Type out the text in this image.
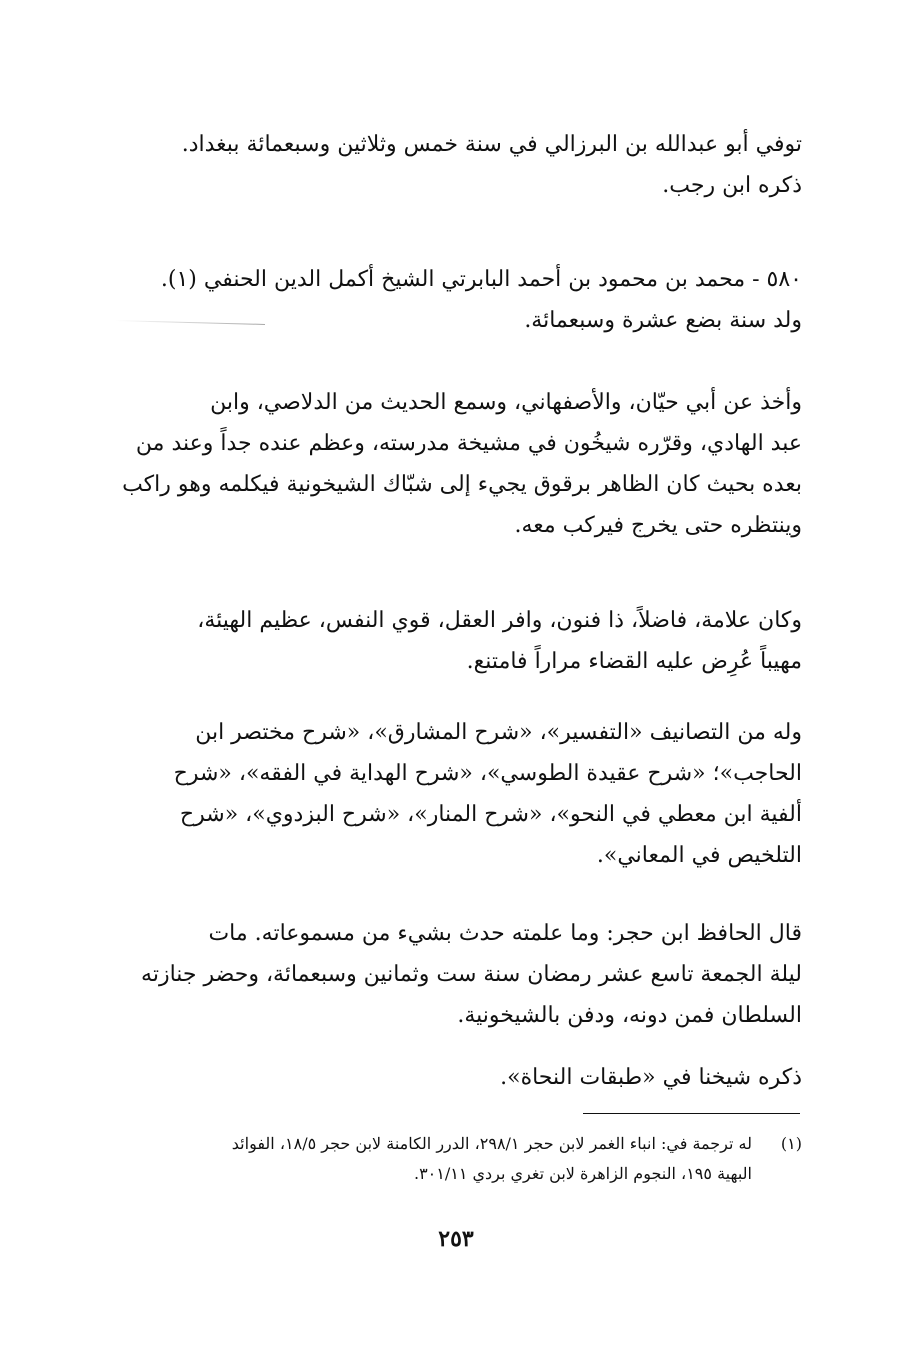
توفي أبو عبدالله بن البرزالي في سنة خمس وثلاثين وسبعمائة ببغداد.
ذكره ابن رجب.
٥٨٠ - محمد بن محمود بن أحمد البابرتي الشيخ أكمل الدين الحنفي (١).
ولد سنة بضع عشرة وسبعمائة.
وأخذ عن أبي حيّان، والأصفهاني، وسمع الحديث من الدلاصي، وابن
عبد الهادي، وقرّره شيخُون في مشيخة مدرسته، وعظم عنده جداً وعند من
بعده بحيث كان الظاهر برقوق يجيء إلى شبّاك الشيخونية فيكلمه وهو راكب
وينتظره حتى يخرج فيركب معه.
وكان علامة، فاضلاً، ذا فنون، وافر العقل، قوي النفس، عظيم الهيئة،
مهيباً عُرِض عليه القضاء مراراً فامتنع.
وله من التصانيف «التفسير»، «شرح المشارق»، «شرح مختصر ابن
الحاجب»؛ «شرح عقيدة الطوسي»، «شرح الهداية في الفقه»، «شرح
ألفية ابن معطي في النحو»، «شرح المنار»، «شرح البزدوي»، «شرح
التلخيص في المعاني».
قال الحافظ ابن حجر: وما علمته حدث بشيء من مسموعاته. مات
ليلة الجمعة تاسع عشر رمضان سنة ست وثمانين وسبعمائة، وحضر جنازته
السلطان فمن دونه، ودفن بالشيخونية.
ذكره شيخنا في «طبقات النحاة».
(١)
له ترجمة في: انباء الغمر لابن حجر ٢٩٨/١، الدرر الكامنة لابن حجر ١٨/٥، الفوائد
البهية ١٩٥، النجوم الزاهرة لابن تغري بردي ٣٠١/١١.
٢٥٣
